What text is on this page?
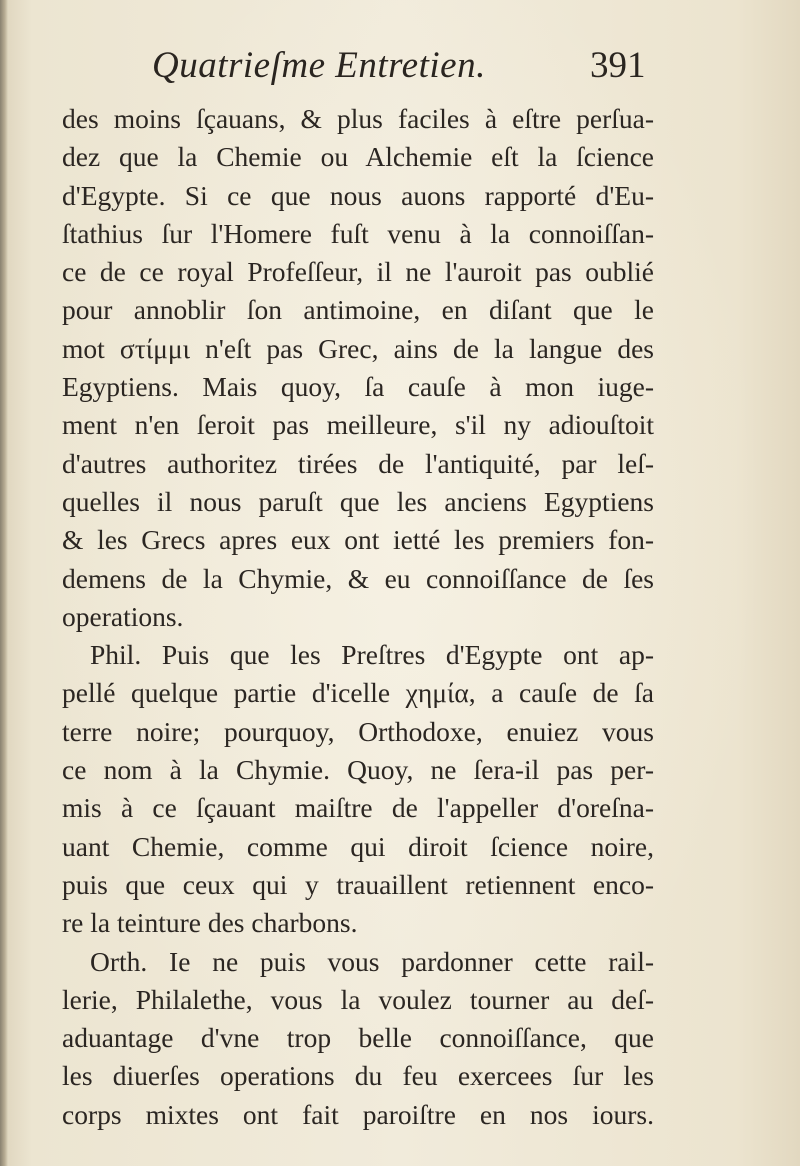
Quatrieſme Entretien.	391
des moins ſçauans, & plus faciles à eſtre perſua-
dez que la Chemie ou Alchemie eſt la ſcience
d'Egypte. Si ce que nous auons rapporté d'Eu-
ſtathius ſur l'Homere fuſt venu à la connoiſſan-
ce de ce royal Profeſſeur, il ne l'auroit pas oublié
pour annoblir ſon antimoine, en diſant que le
mot στίμμι n'eſt pas Grec, ains de la langue des
Egyptiens. Mais quoy, ſa cauſe à mon iuge-
ment n'en ſeroit pas meilleure, s'il ny adiouſtoit
d'autres authoritez tirées de l'antiquité, par leſ-
quelles il nous paruſt que les anciens Egyptiens
& les Grecs apres eux ont ietté les premiers fon-
demens de la Chymie, & eu connoiſſance de ſes
operations.
Phil. Puis que les Preſtres d'Egypte ont ap-
pellé quelque partie d'icelle χημία, a cauſe de ſa
terre noire; pourquoy, Orthodoxe, enuiez vous
ce nom à la Chymie. Quoy, ne ſera-il pas per-
mis à ce ſçauant maiſtre de l'appeller d'oreſna-
uant Chemie, comme qui diroit ſcience noire,
puis que ceux qui y trauaillent retiennent enco-
re la teinture des charbons.
Orth. Ie ne puis vous pardonner cette rail-
lerie, Philalethe, vous la voulez tourner au deſ-
aduantage d'vne trop belle connoiſſance, que
les diuerſes operations du feu exercees ſur les
corps mixtes ont fait paroiſtre en nos iours.
